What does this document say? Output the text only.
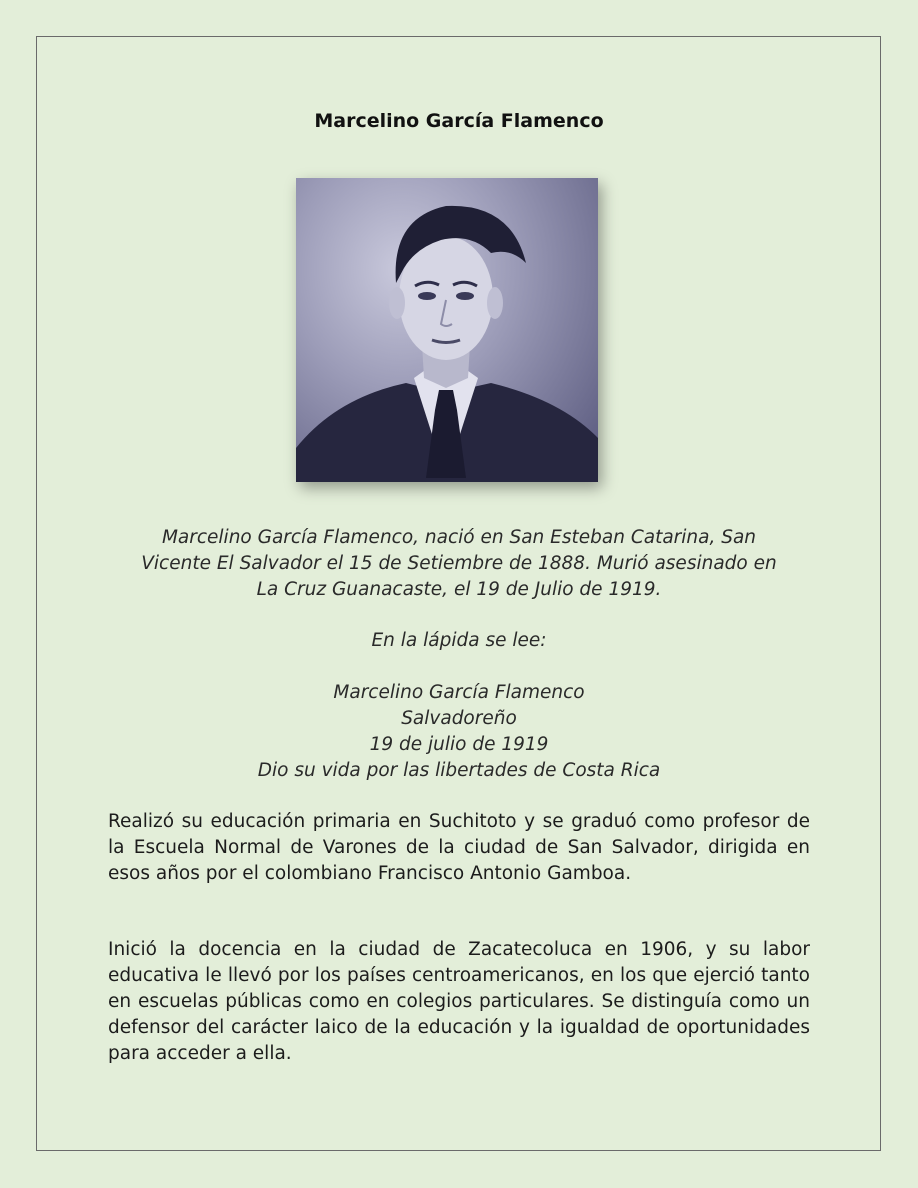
Marcelino García Flamenco
Marcelino García Flamenco, nació en San Esteban Catarina, San
Vicente El Salvador el 15 de Setiembre de 1888. Murió asesinado en
La Cruz Guanacaste, el 19 de Julio de 1919.
En la lápida se lee:
Marcelino García Flamenco
Salvadoreño
19 de julio de 1919
Dio su vida por las libertades de Costa Rica
Realizó su educación primaria en Suchitoto y se graduó como profesor de la Escuela Normal de Varones de la ciudad de San Salvador, dirigida en esos años por el colombiano Francisco Antonio Gamboa.
Inició la docencia en la ciudad de Zacatecoluca en 1906, y su labor educativa le llevó por los países centroamericanos, en los que ejerció tanto en escuelas públicas como en colegios particulares. Se distinguía como un defensor del carácter laico de la educación y la igualdad de oportunidades para acceder a ella.
